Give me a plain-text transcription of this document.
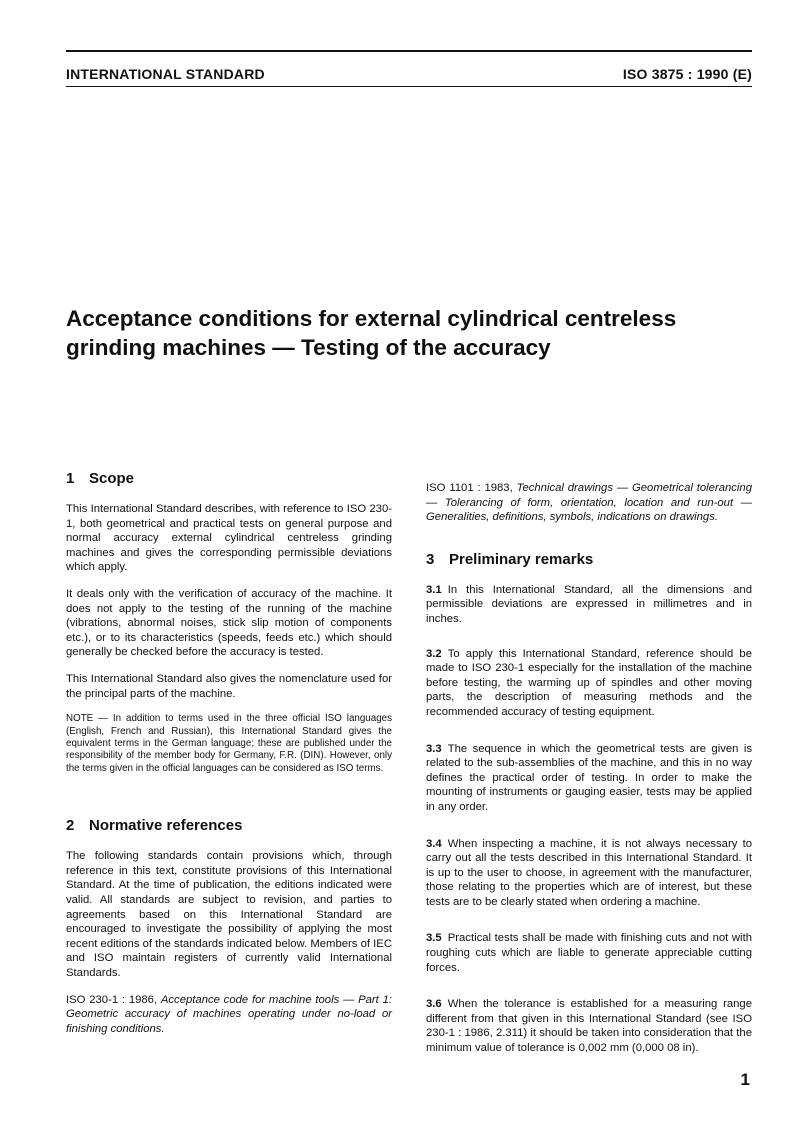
INTERNATIONAL STANDARD	ISO 3875 : 1990 (E)
Acceptance conditions for external cylindrical centreless
grinding machines — Testing of the accuracy
1 Scope

This International Standard describes, with reference to ISO 230-1, both geometrical and practical tests on general purpose and normal accuracy external cylindrical centreless grinding machines and gives the corresponding permissible deviations which apply.

It deals only with the verification of accuracy of the machine. It does not apply to the testing of the running of the machine (vibrations, abnormal noises, stick slip motion of components etc.), or to its characteristics (speeds, feeds etc.) which should generally be checked before the accuracy is tested.

This International Standard also gives the nomenclature used for the principal parts of the machine.

NOTE — In addition to terms used in the three official ISO languages (English, French and Russian), this International Standard gives the equivalent terms in the German language; these are published under the responsibility of the member body for Germany, F.R. (DIN). However, only the terms given in the official languages can be considered as ISO terms.

2 Normative references

The following standards contain provisions which, through reference in this text, constitute provisions of this International Standard. At the time of publication, the editions indicated were valid. All standards are subject to revision, and parties to agreements based on this International Standard are encouraged to investigate the possibility of applying the most recent editions of the standards indicated below. Members of IEC and ISO maintain registers of currently valid International Standards.

ISO 230-1 : 1986, Acceptance code for machine tools — Part 1: Geometric accuracy of machines operating under no-load or finishing conditions.
ISO 1101 : 1983, Technical drawings — Geometrical tolerancing — Tolerancing of form, orientation, location and run-out — Generalities, definitions, symbols, indications on drawings.
3 Preliminary remarks

3.1 In this International Standard, all the dimensions and permissible deviations are expressed in millimetres and in inches.

3.2 To apply this International Standard, reference should be made to ISO 230-1 especially for the installation of the machine before testing, the warming up of spindles and other moving parts, the description of measuring methods and the recommended accuracy of testing equipment.

3.3 The sequence in which the geometrical tests are given is related to the sub-assemblies of the machine, and this in no way defines the practical order of testing. In order to make the mounting of instruments or gauging easier, tests may be applied in any order.

3.4 When inspecting a machine, it is not always necessary to carry out all the tests described in this International Standard. It is up to the user to choose, in agreement with the manufacturer, those relating to the properties which are of interest, but these tests are to be clearly stated when ordering a machine.

3.5 Practical tests shall be made with finishing cuts and not with roughing cuts which are liable to generate appreciable cutting forces.

3.6 When the tolerance is established for a measuring range different from that given in this International Standard (see ISO 230-1 : 1986, 2.311) it should be taken into consideration that the minimum value of tolerance is 0,002 mm (0,000 08 in).

1
